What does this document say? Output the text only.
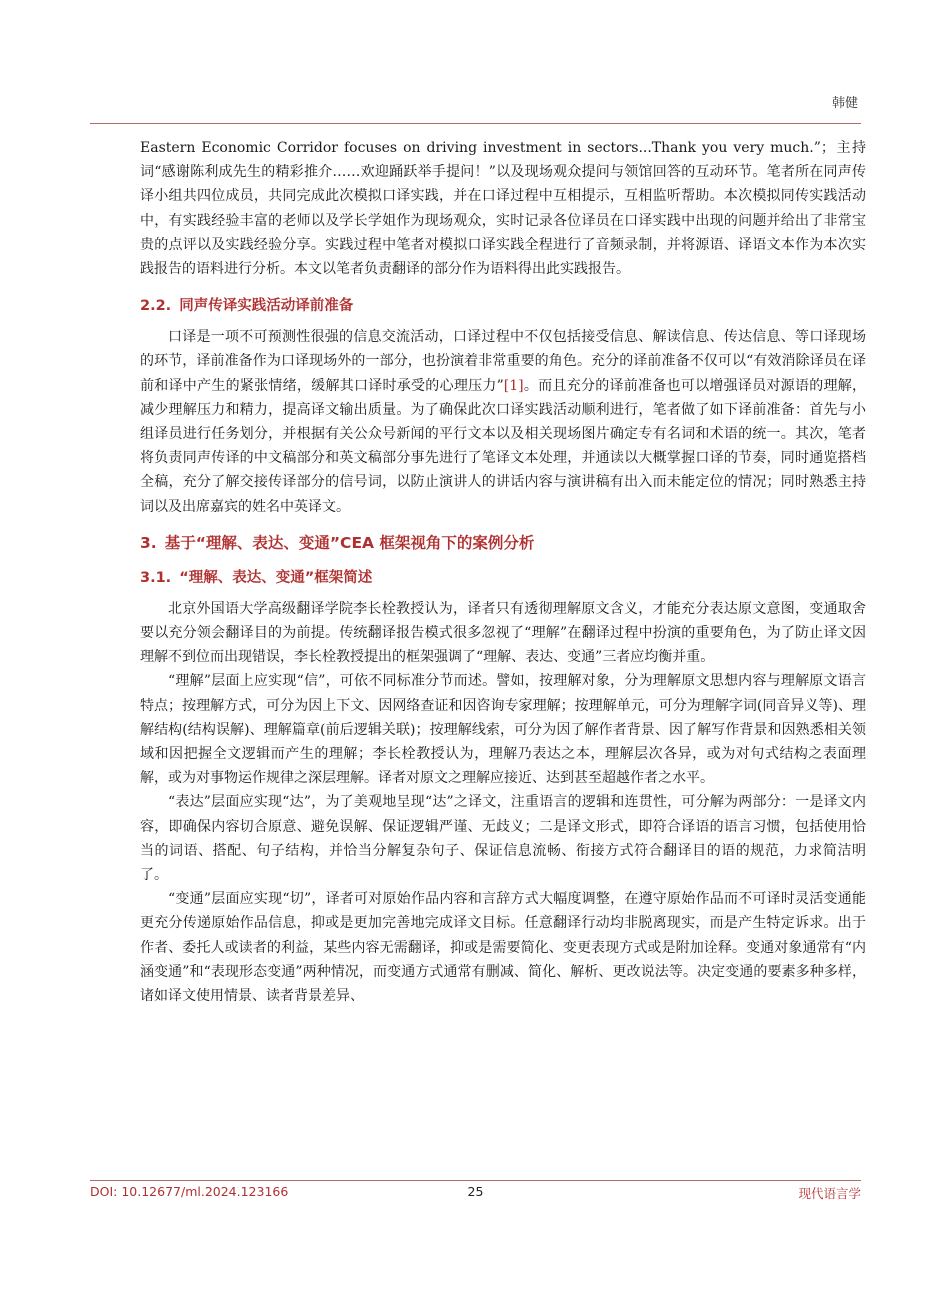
韩健

Eastern Economic Corridor focuses on driving investment in sectors...Thank you very much.”；主持词“感谢陈利成先生的精彩推介……欢迎踊跃举手提问！”以及现场观众提问与领馆回答的互动环节。笔者所在同声传译小组共四位成员，共同完成此次模拟口译实践，并在口译过程中互相提示，互相监听帮助。本次模拟同传实践活动中，有实践经验丰富的老师以及学长学姐作为现场观众，实时记录各位译员在口译实践中出现的问题并给出了非常宝贵的点评以及实践经验分享。实践过程中笔者对模拟口译实践全程进行了音频录制，并将源语、译语文本作为本次实践报告的语料进行分析。本文以笔者负责翻译的部分作为语料得出此实践报告。

2.2. 同声传译实践活动译前准备

口译是一项不可预测性很强的信息交流活动，口译过程中不仅包括接受信息、解读信息、传达信息、等口译现场的环节，译前准备作为口译现场外的一部分，也扮演着非常重要的角色。充分的译前准备不仅可以“有效消除译员在译前和译中产生的紧张情绪，缓解其口译时承受的心理压力”[1]。而且充分的译前准备也可以增强译员对源语的理解，减少理解压力和精力，提高译文输出质量。为了确保此次口译实践活动顺利进行，笔者做了如下译前准备：首先与小组译员进行任务划分，并根据有关公众号新闻的平行文本以及相关现场图片确定专有名词和术语的统一。其次，笔者将负责同声传译的中文稿部分和英文稿部分事先进行了笔译文本处理，并通读以大概掌握口译的节奏，同时通览搭档全稿，充分了解交接传译部分的信号词，以防止演讲人的讲话内容与演讲稿有出入而未能定位的情况；同时熟悉主持词以及出席嘉宾的姓名中英译文。

3. 基于“理解、表达、变通”CEA 框架视角下的案例分析
3.1. “理解、表达、变通”框架简述

北京外国语大学高级翻译学院李长栓教授认为，译者只有透彻理解原文含义，才能充分表达原文意图，变通取舍要以充分领会翻译目的为前提。传统翻译报告模式很多忽视了“理解”在翻译过程中扮演的重要角色，为了防止译文因理解不到位而出现错误，李长栓教授提出的框架强调了“理解、表达、变通”三者应均衡并重。

“理解”层面上应实现“信”，可依不同标准分节而述。譬如，按理解对象，分为理解原文思想内容与理解原文语言特点；按理解方式，可分为因上下文、因网络查证和因咨询专家理解；按理解单元，可分为理解字词(同音异义等)、理解结构(结构误解)、理解篇章(前后逻辑关联)；按理解线索，可分为因了解作者背景、因了解写作背景和因熟悉相关领域和因把握全文逻辑而产生的理解；李长栓教授认为，理解乃表达之本，理解层次各异，或为对句式结构之表面理解，或为对事物运作规律之深层理解。译者对原文之理解应接近、达到甚至超越作者之水平。

“表达”层面应实现“达”，为了美观地呈现“达”之译文，注重语言的逻辑和连贯性，可分解为两部分：一是译文内容，即确保内容切合原意、避免误解、保证逻辑严谨、无歧义；二是译文形式，即符合译语的语言习惯，包括使用恰当的词语、搭配、句子结构，并恰当分解复杂句子、保证信息流畅、衔接方式符合翻译目的语的规范，力求简洁明了。

“变通”层面应实现“切”，译者可对原始作品内容和言辞方式大幅度调整，在遵守原始作品而不可译时灵活变通能更充分传递原始作品信息，抑或是更加完善地完成译文目标。任意翻译行动均非脱离现实，而是产生特定诉求。出于作者、委托人或读者的利益，某些内容无需翻译，抑或是需要简化、变更表现方式或是附加诠释。变通对象通常有“内涵变通”和“表现形态变通”两种情况，而变通方式通常有删减、简化、解析、更改说法等。决定变通的要素多种多样，诸如译文使用情景、读者背景差异、

DOI: 10.12677/ml.2024.123166	25	现代语言学
